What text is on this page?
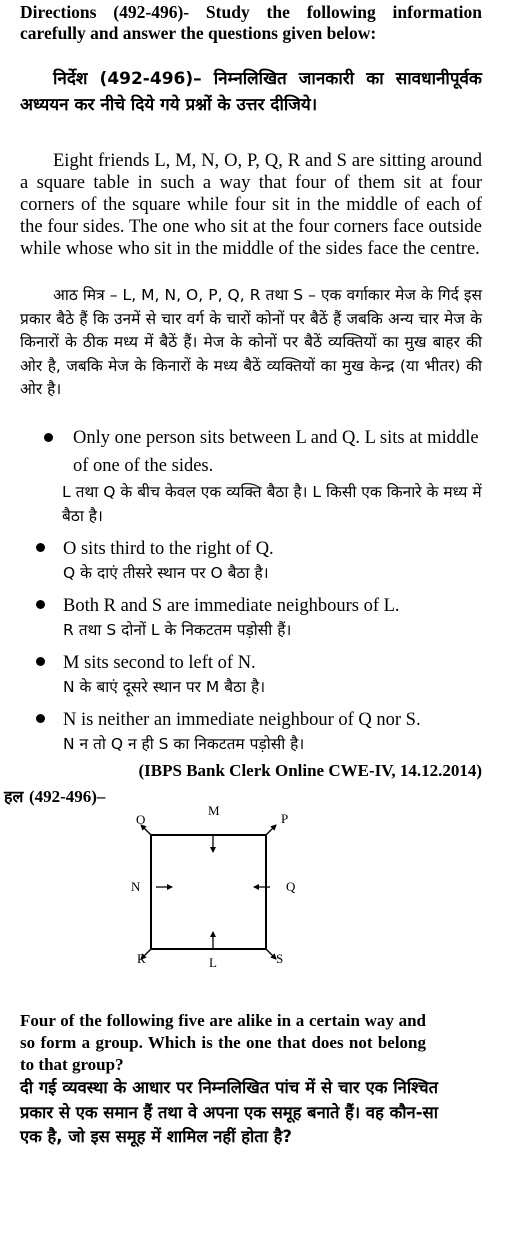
Directions (492-496)- Study the following information carefully and answer the questions given below:

निर्देश (492-496)– निम्नलिखित जानकारी का सावधानीपूर्वक अध्ययन कर नीचे दिये गये प्रश्नों के उत्तर दीजिये।

Eight friends L, M, N, O, P, Q, R and S are sitting around a square table in such a way that four of them sit at four corners of the square while four sit in the middle of each of the four sides. The one who sit at the four corners face outside while whose who sit in the middle of the sides face the centre.

आठ मित्र – L, M, N, O, P, Q, R तथा S – एक वर्गाकार मेज के गिर्द इस प्रकार बैठे हैं कि उनमें से चार वर्ग के चारों कोनों पर बैठें हैं जबकि अन्य चार मेज के किनारों के ठीक मध्य में बैठें हैं। मेज के कोनों पर बैठें व्यक्तियों का मुख बाहर की ओर है, जबकि मेज के किनारों के मध्य बैठें व्यक्तियों का मुख केन्द्र (या भीतर) की ओर है।

Only one person sits between L and Q. L sits at middle of one of the sides.
L तथा Q के बीच केवल एक व्यक्ति बैठा है। L किसी एक किनारे के मध्य में बैठा है।
O sits third to the right of Q.
Q के दाएं तीसरे स्थान पर O बैठा है।
Both R and S are immediate neighbours of L.
R तथा S दोनों L के निकटतम पड़ोसी हैं।
M sits second to left of N.
N के बाएं दूसरे स्थान पर M बैठा है।
N is neither an immediate neighbour of Q nor S.
N न तो Q न ही S का निकटतम पड़ोसी है।
(IBPS Bank Clerk Online CWE-IV, 14.12.2014)
हल (492-496)–
O
M
P
N	Q
R	L	S

Four of the following five are alike in a certain way and so form a group. Which is the one that does not belong to that group?

दी गई व्यवस्था के आधार पर निम्नलिखित पांच में से चार एक निश्चित प्रकार से एक समान हैं तथा वे अपना एक समूह बनाते हैं। वह कौन-सा एक है, जो इस समूह में शामिल नहीं होता है?
